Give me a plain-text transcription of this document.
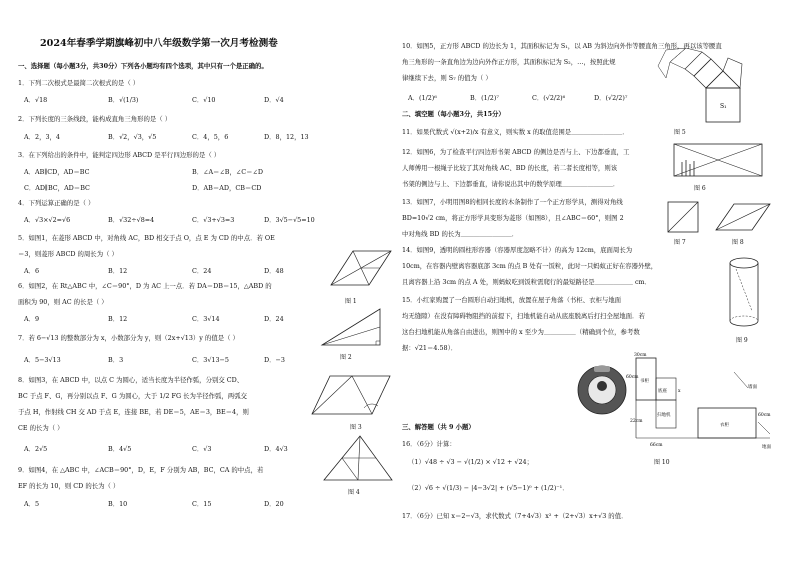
2024年春季学期旗峰初中八年级数学第一次月考检测卷
一、选择题（每小题3分，共30分）下列各小题均有四个选项，其中只有一个是正确的。
1．下列二次根式是最简二次根式的是（ ）
A．√18	B．√(1/3)	C．√10	D．√4
2．下列长度的三条线段，能构成直角三角形的是（ ）
A．2，3，4	B．√2，√3，√5	C．4，5，6	D．8，12，13
3．在下列给出的条件中，能判定四边形 ABCD 是平行四边形的是（ ）
A．AB∥CD，AD＝BC	B．∠A＝∠B，∠C＝∠D
C．AD∥BC，AD＝BC	D．AB＝AD，CB＝CD
4．下列运算正确的是（ ）
A．√3×√2=√6	B．√32÷√8=4	C．√3+√3=3	D．3√5−√5=10
5．如图1，在菱形 ABCD 中，对角线 AC，BD 相交于点 O，点 E 为 CD 的中点．若 OE
＝3，则菱形 ABCD 的周长为（ ）
A．6	B．12	C．24	D．48
6．如图2，在 Rt△ABC 中，∠C＝90°，D 为 AC 上一点．若 DA＝DB＝15，△ABD 的
面积为 90，则 AC 的长是（ ）
A．9	B．12	C．3√14	D．24
7．若 6−√13 的整数部分为 x，小数部分为 y，则（2x+√13）y 的值是（ ）
A．5−3√13	B．3	C．3√13−5	D．−3
8．如图3，在 ABCD 中，以点 C 为圆心，适当长度为半径作弧，分别交 CD、
BC 于点 F、G，再分别以点 F、G 为圆心，大于 1/2 FG 长为半径作弧，两弧交
于点 H，作射线 CH 交 AD 于点 E，连接 BE，若 DE＝5，AE＝3，BE＝4，则
CE 的长为（ ）
A．2√5	B．4√5	C．√3	D．4√3
9．如图4，在 △ABC 中，∠ACB＝90°，D，E，F 分别为 AB，BC，CA 的中点，若
EF 的长为 10，则 CD 的长为（ ）
A．5	B．10	C．15	D．20
图 1
图 2
图 3
图 4
10．如图5，正方形 ABCD 的边长为 1，其面积标记为 S₁，以 AB 为斜边向外作等腰直角三角形，再以该等腰直
角三角形的一条直角边为边向外作正方形，其面积标记为 S₂，…，按照此规
律继续下去，则 S₇ 的值为（ ）
A．(1/2)⁶	B．(1/2)⁷	C．(√2/2)⁶	D．(√2/2)⁷
S₁
图 5
二、填空题（每小题3分，共15分）
11．如果代数式 √(x+2)/x 有意义，则实数 x 的取值范围是＿＿＿＿＿＿＿＿．
12．如图6，为了检查平行四边形书架 ABCD 的侧边是否与上、下边都垂直，工
人师傅用一根绳子比较了其对角线 AC、BD 的长度，若二者长度相等，则该
书架的侧边与上、下边都垂直，请你说出其中的数学原理＿＿＿＿＿＿＿＿．
图 6
13．如图7，小明用图8的相同长度的木条制作了一个正方形学具，测得对角线
BD=10√2 cm，将正方形学具变形为菱形（如图8），且∠ABC＝60°，则图 2
中对角线 BD 的长为＿＿＿＿＿＿＿＿．
图 7	图 8
14．如图9，透明的圆柱形容器（容器厚度忽略不计）的高为 12cm，底面周长为
10cm，在容器内壁离容器底部 3cm 的点 B 处有一饭粒，此时一只蚂蚁正好在容器外壁，
且离容器上沿 3cm 的点 A 处，则蚂蚁吃到饭粒需爬行的最短路径是＿＿＿＿＿＿ cm．
图 9
15．小红家购置了一台圆形自动扫地机，放置在屋子角落（书柜、衣柜与地面
均无缝隙）在没有障碍物阻挡的前提下，扫地机能自动从底座脱离后打扫全屋地面．若
这台扫地机能从角落自由进出，则图中的 x 至少为＿＿＿＿＿（精确到个位，参考数
据：√21＝4.58）．
30cm
书柜
60cm
x
底座
扫地机
22cm
66cm
衣柜
60cm
墙面
地面
图 10
三、解答题（共 9 小题）
16．（6分）计算：
（1）√48 ÷ √3 − √(1/2) × √12 + √24；
（2）√6 ÷ √(1/3) − |4−3√2| + (√5−1)⁰ + (1/2)⁻¹．
17．（6分）已知 x＝2−√3，求代数式（7+4√3）x² +（2+√3）x+√3 的值．
